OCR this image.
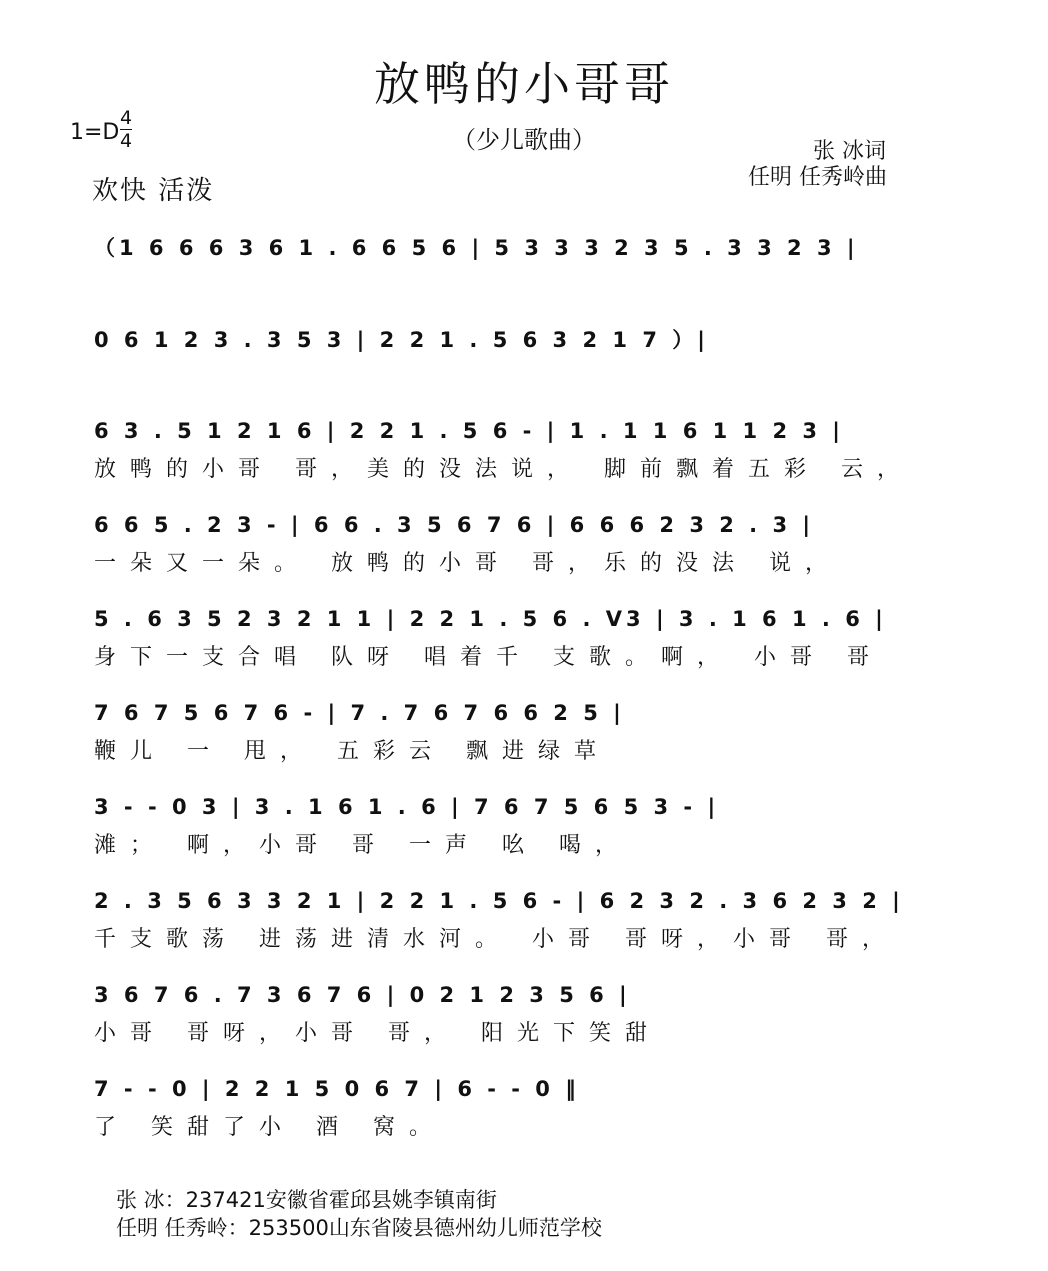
放鸭的小哥哥
（少儿歌曲）
1=D
4
4
欢快 活泼
张 冰词
任明 任秀岭曲
（1 6 6 6 3 6 1 . 6 6 5 6 | 5 3 3 3 2 3 5 . 3 3 2 3 |
0 6 1 2 3 . 3 5 3 | 2 2 1 . 5 6 3 2 1 7 ）|
6 3 . 5 1 2 1 6 | 2 2 1 . 5 6 - | 1 . 1 1 6 1 1 2 3 |
放鸭的小哥 哥，美的没法说， 脚前飘着五彩 云，
6 6 5 . 2 3 - | 6 6 . 3 5 6 7 6 | 6 6 6 2 3 2 . 3 |
一朵又一朵。 放鸭的小哥 哥，乐的没法 说，
5 . 6 3 5 2 3 2 1 1 | 2 2 1 . 5 6 . V3 | 3 . 1 6 1 . 6 |
身下一支合唱 队呀 唱着千 支歌。啊， 小哥 哥
7 6 7 5 6 7 6 - | 7 . 7 6 7 6 6 2 5 |
鞭儿 一 甩， 五彩云 飘进绿草
3 - - 0 3 | 3 . 1 6 1 . 6 | 7 6 7 5 6 5 3 - |
滩； 啊，小哥 哥 一声 吆 喝，
2 . 3 5 6 3 3 2 1 | 2 2 1 . 5 6 - | 6 2 3 2 . 3 6 2 3 2 |
千支歌荡 进荡进清水河。 小哥 哥呀，小哥 哥，
3 6 7 6 . 7 3 6 7 6 | 0 2 1 2 3 5 6 |
小哥 哥呀，小哥 哥， 阳光下笑甜
7 - - 0 | 2 2 1 5 0 6 7 | 6 - - 0 ‖
了 笑甜了小 酒 窝。
张 冰：237421安徽省霍邱县姚李镇南街
任明 任秀岭：253500山东省陵县德州幼儿师范学校
